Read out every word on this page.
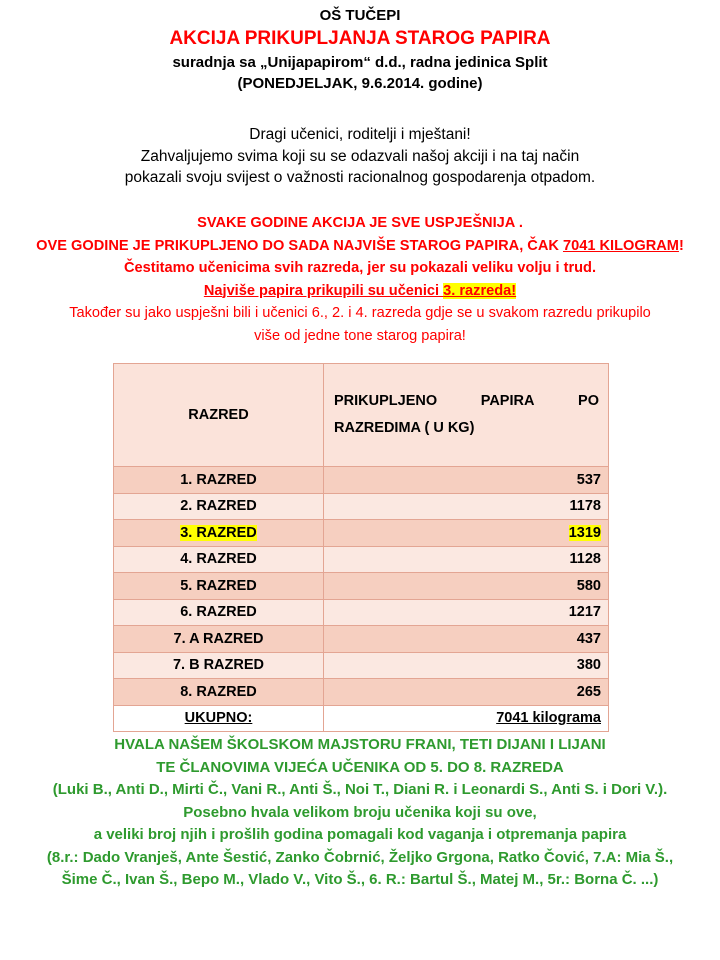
OŠ TUČEPI
AKCIJA PRIKUPLJANJA STAROG PAPIRA
suradnja sa „Unijapapirom“ d.d., radna jedinica Split
(PONEDJELJAK, 9.6.2014. godine)
Dragi učenici, roditelji i mještani!
Zahvaljujemo svima koji su se odazvali našoj akciji i na taj način
pokazali svoju svijest o važnosti racionalnog gospodarenja otpadom.
SVAKE GODINE AKCIJA JE SVE USPJEŠNIJA .
OVE GODINE JE PRIKUPLJENO DO SADA NAJVIŠE STAROG PAPIRA, ČAK 7041 KILOGRAM!
Čestitamo učenicima svih razreda, jer su pokazali veliku volju i trud.
Najviše papira prikupili su učenici 3. razreda!
Također su jako uspješni bili i učenici 6., 2. i 4. razreda gdje se u svakom razredu prikupilo
više od jedne tone starog papira!
RAZRED	PRIKUPLJENO PAPIRA PO
RAZREDIMA ( U KG)

1. RAZRED	537
2. RAZRED	1178
3. RAZRED	1319
4. RAZRED	1128
5. RAZRED	580
6. RAZRED	1217
7. A RAZRED	437
7. B RAZRED	380
8. RAZRED	265
UKUPNO:	7041 kilograma
HVALA NAŠEM ŠKOLSKOM MAJSTORU FRANI, TETI DIJANI I LIJANI
TE ČLANOVIMA VIJEĆA UČENIKA OD 5. DO 8. RAZREDA
(Luki B., Anti D., Mirti Č., Vani R., Anti Š., Noi T., Diani R. i Leonardi S., Anti S. i Dori V.).
Posebno hvala velikom broju učenika koji su ove,
a veliki broj njih i prošlih godina pomagali kod vaganja i otpremanja papira
(8.r.: Dado Vranješ, Ante Šestić, Zanko Čobrnić, Željko Grgona, Ratko Čović, 7.A: Mia Š.,
Šime Č., Ivan Š., Bepo M., Vlado V., Vito Š., 6. R.: Bartul Š., Matej M., 5r.: Borna Č. ...)
